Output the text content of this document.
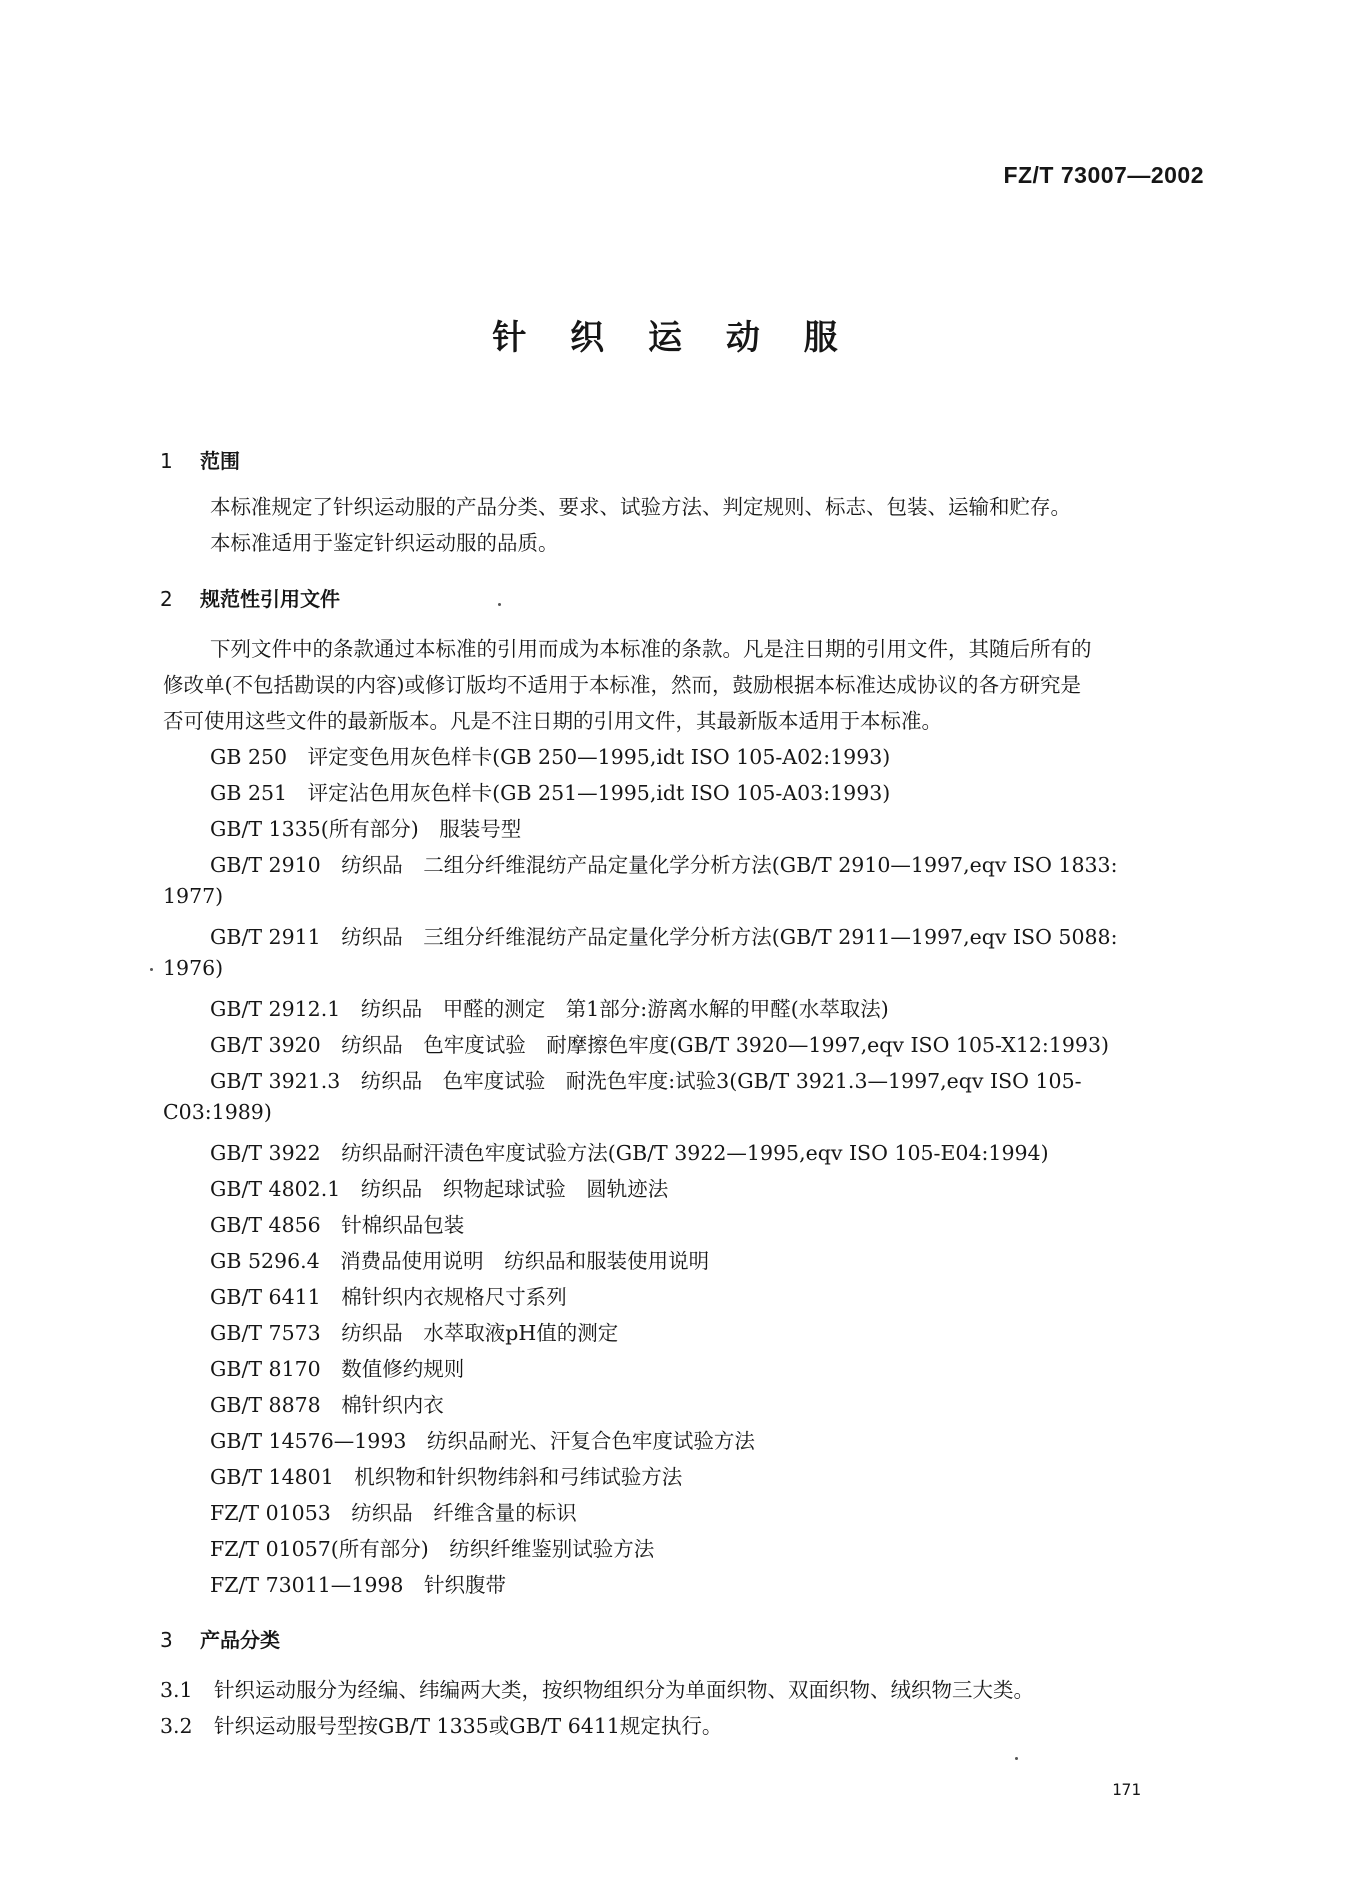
FZ/T 73007—2002
针 织 运 动 服
1 范围
本标准规定了针织运动服的产品分类、要求、试验方法、判定规则、标志、包装、运输和贮存。
本标准适用于鉴定针织运动服的品质。
2 规范性引用文件
下列文件中的条款通过本标准的引用而成为本标准的条款。凡是注日期的引用文件，其随后所有的
修改单(不包括勘误的内容)或修订版均不适用于本标准，然而，鼓励根据本标准达成协议的各方研究是
否可使用这些文件的最新版本。凡是不注日期的引用文件，其最新版本适用于本标准。
GB 250　评定变色用灰色样卡(GB 250—1995,idt ISO 105-A02:1993)
GB 251　评定沾色用灰色样卡(GB 251—1995,idt ISO 105-A03:1993)
GB/T 1335(所有部分)　服装号型
GB/T 2910　纺织品　二组分纤维混纺产品定量化学分析方法(GB/T 2910—1997,eqv ISO 1833:
1977)
GB/T 2911　纺织品　三组分纤维混纺产品定量化学分析方法(GB/T 2911—1997,eqv ISO 5088:
1976)
GB/T 2912.1　纺织品　甲醛的测定　第1部分:游离水解的甲醛(水萃取法)
GB/T 3920　纺织品　色牢度试验　耐摩擦色牢度(GB/T 3920—1997,eqv ISO 105-X12:1993)
GB/T 3921.3　纺织品　色牢度试验　耐洗色牢度:试验3(GB/T 3921.3—1997,eqv ISO 105-
C03:1989)
GB/T 3922　纺织品耐汗渍色牢度试验方法(GB/T 3922—1995,eqv ISO 105-E04:1994)
GB/T 4802.1　纺织品　织物起球试验　圆轨迹法
GB/T 4856　针棉织品包装
GB 5296.4　消费品使用说明　纺织品和服装使用说明
GB/T 6411　棉针织内衣规格尺寸系列
GB/T 7573　纺织品　水萃取液pH值的测定
GB/T 8170　数值修约规则
GB/T 8878　棉针织内衣
GB/T 14576—1993　纺织品耐光、汗复合色牢度试验方法
GB/T 14801　机织物和针织物纬斜和弓纬试验方法
FZ/T 01053　纺织品　纤维含量的标识
FZ/T 01057(所有部分)　纺织纤维鉴别试验方法
FZ/T 73011—1998　针织腹带
3 产品分类
3.1 针织运动服分为经编、纬编两大类，按织物组织分为单面织物、双面织物、绒织物三大类。
3.2 针织运动服号型按GB/T 1335或GB/T 6411规定执行。
171
